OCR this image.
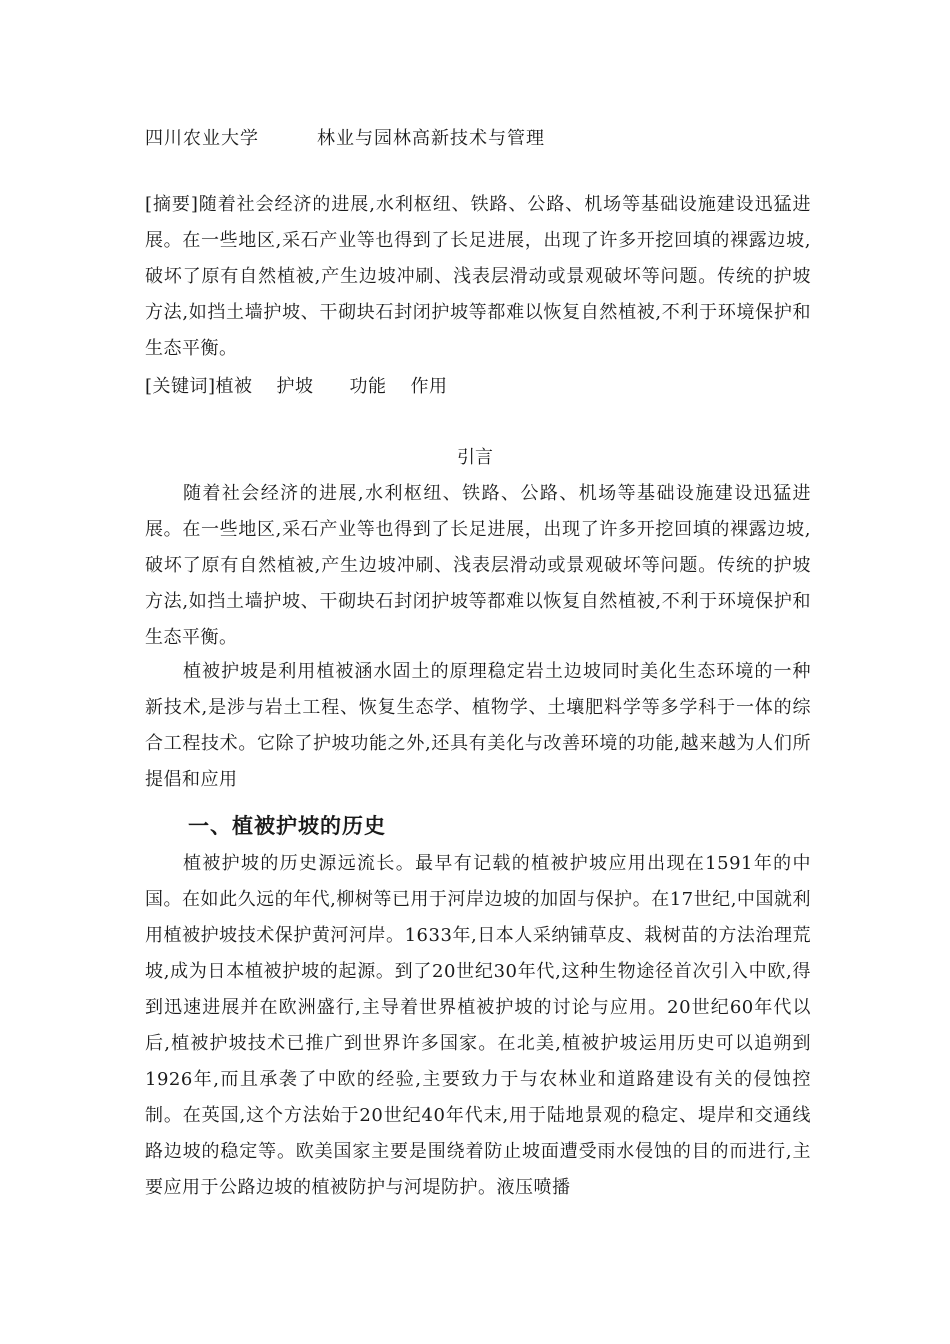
四川农业大学	林业与园林高新技术与管理
[摘要]随着社会经济的进展,水利枢纽、铁路、公路、机场等基础设施建设迅猛进展。在一些地区,采石产业等也得到了长足进展，出现了许多开挖回填的裸露边坡,破坏了原有自然植被,产生边坡冲刷、浅表层滑动或景观破坏等问题。传统的护坡方法,如挡土墙护坡、干砌块石封闭护坡等都难以恢复自然植被,不利于环境保护和生态平衡。
[关键词]植被 护坡 功能 作用
引言
随着社会经济的进展,水利枢纽、铁路、公路、机场等基础设施建设迅猛进展。在一些地区,采石产业等也得到了长足进展，出现了许多开挖回填的裸露边坡,破坏了原有自然植被,产生边坡冲刷、浅表层滑动或景观破坏等问题。传统的护坡方法,如挡土墙护坡、干砌块石封闭护坡等都难以恢复自然植被,不利于环境保护和生态平衡。
植被护坡是利用植被涵水固土的原理稳定岩土边坡同时美化生态环境的一种新技术,是涉与岩土工程、恢复生态学、植物学、土壤肥料学等多学科于一体的综合工程技术。它除了护坡功能之外,还具有美化与改善环境的功能,越来越为人们所提倡和应用
一、植被护坡的历史
植被护坡的历史源远流长。最早有记载的植被护坡应用出现在1591年的中国。在如此久远的年代,柳树等已用于河岸边坡的加固与保护。在17世纪,中国就利用植被护坡技术保护黄河河岸。1633年,日本人采纳铺草皮、栽树苗的方法治理荒坡,成为日本植被护坡的起源。到了20世纪30年代,这种生物途径首次引入中欧,得到迅速进展并在欧洲盛行,主导着世界植被护坡的讨论与应用。20世纪60年代以后,植被护坡技术已推广到世界许多国家。在北美,植被护坡运用历史可以追朔到1926年,而且承袭了中欧的经验,主要致力于与农林业和道路建设有关的侵蚀控制。在英国,这个方法始于20世纪40年代末,用于陆地景观的稳定、堤岸和交通线路边坡的稳定等。欧美国家主要是围绕着防止坡面遭受雨水侵蚀的目的而进行,主要应用于公路边坡的植被防护与河堤防护。液压喷播
